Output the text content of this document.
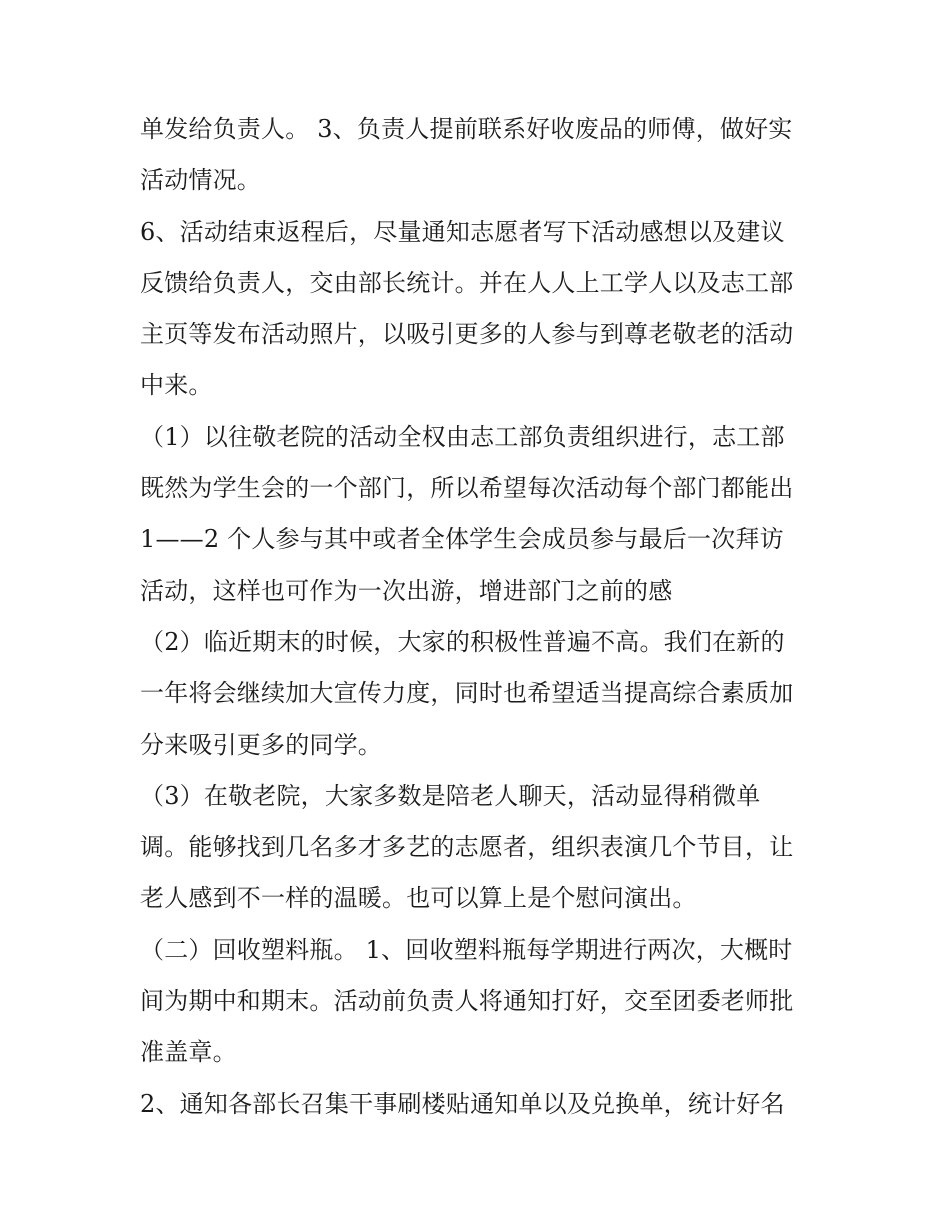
单发给负责人。 3、负责人提前联系好收废品的师傅，做好实
活动情况。
6、活动结束返程后，尽量通知志愿者写下活动感想以及建议
反馈给负责人，交由部长统计。并在人人上工学人以及志工部
主页等发布活动照片，以吸引更多的人参与到尊老敬老的活动
中来。
（1）以往敬老院的活动全权由志工部负责组织进行，志工部
既然为学生会的一个部门，所以希望每次活动每个部门都能出
1——2 个人参与其中或者全体学生会成员参与最后一次拜访
活动，这样也可作为一次出游，增进部门之前的感
（2）临近期末的时候，大家的积极性普遍不高。我们在新的
一年将会继续加大宣传力度，同时也希望适当提高综合素质加
分来吸引更多的同学。
（3）在敬老院，大家多数是陪老人聊天，活动显得稍微单
调。能够找到几名多才多艺的志愿者，组织表演几个节目，让
老人感到不一样的温暖。也可以算上是个慰问演出。
（二）回收塑料瓶。 1、回收塑料瓶每学期进行两次，大概时
间为期中和期末。活动前负责人将通知打好，交至团委老师批
准盖章。
2、通知各部长召集干事刷楼贴通知单以及兑换单，统计好名
